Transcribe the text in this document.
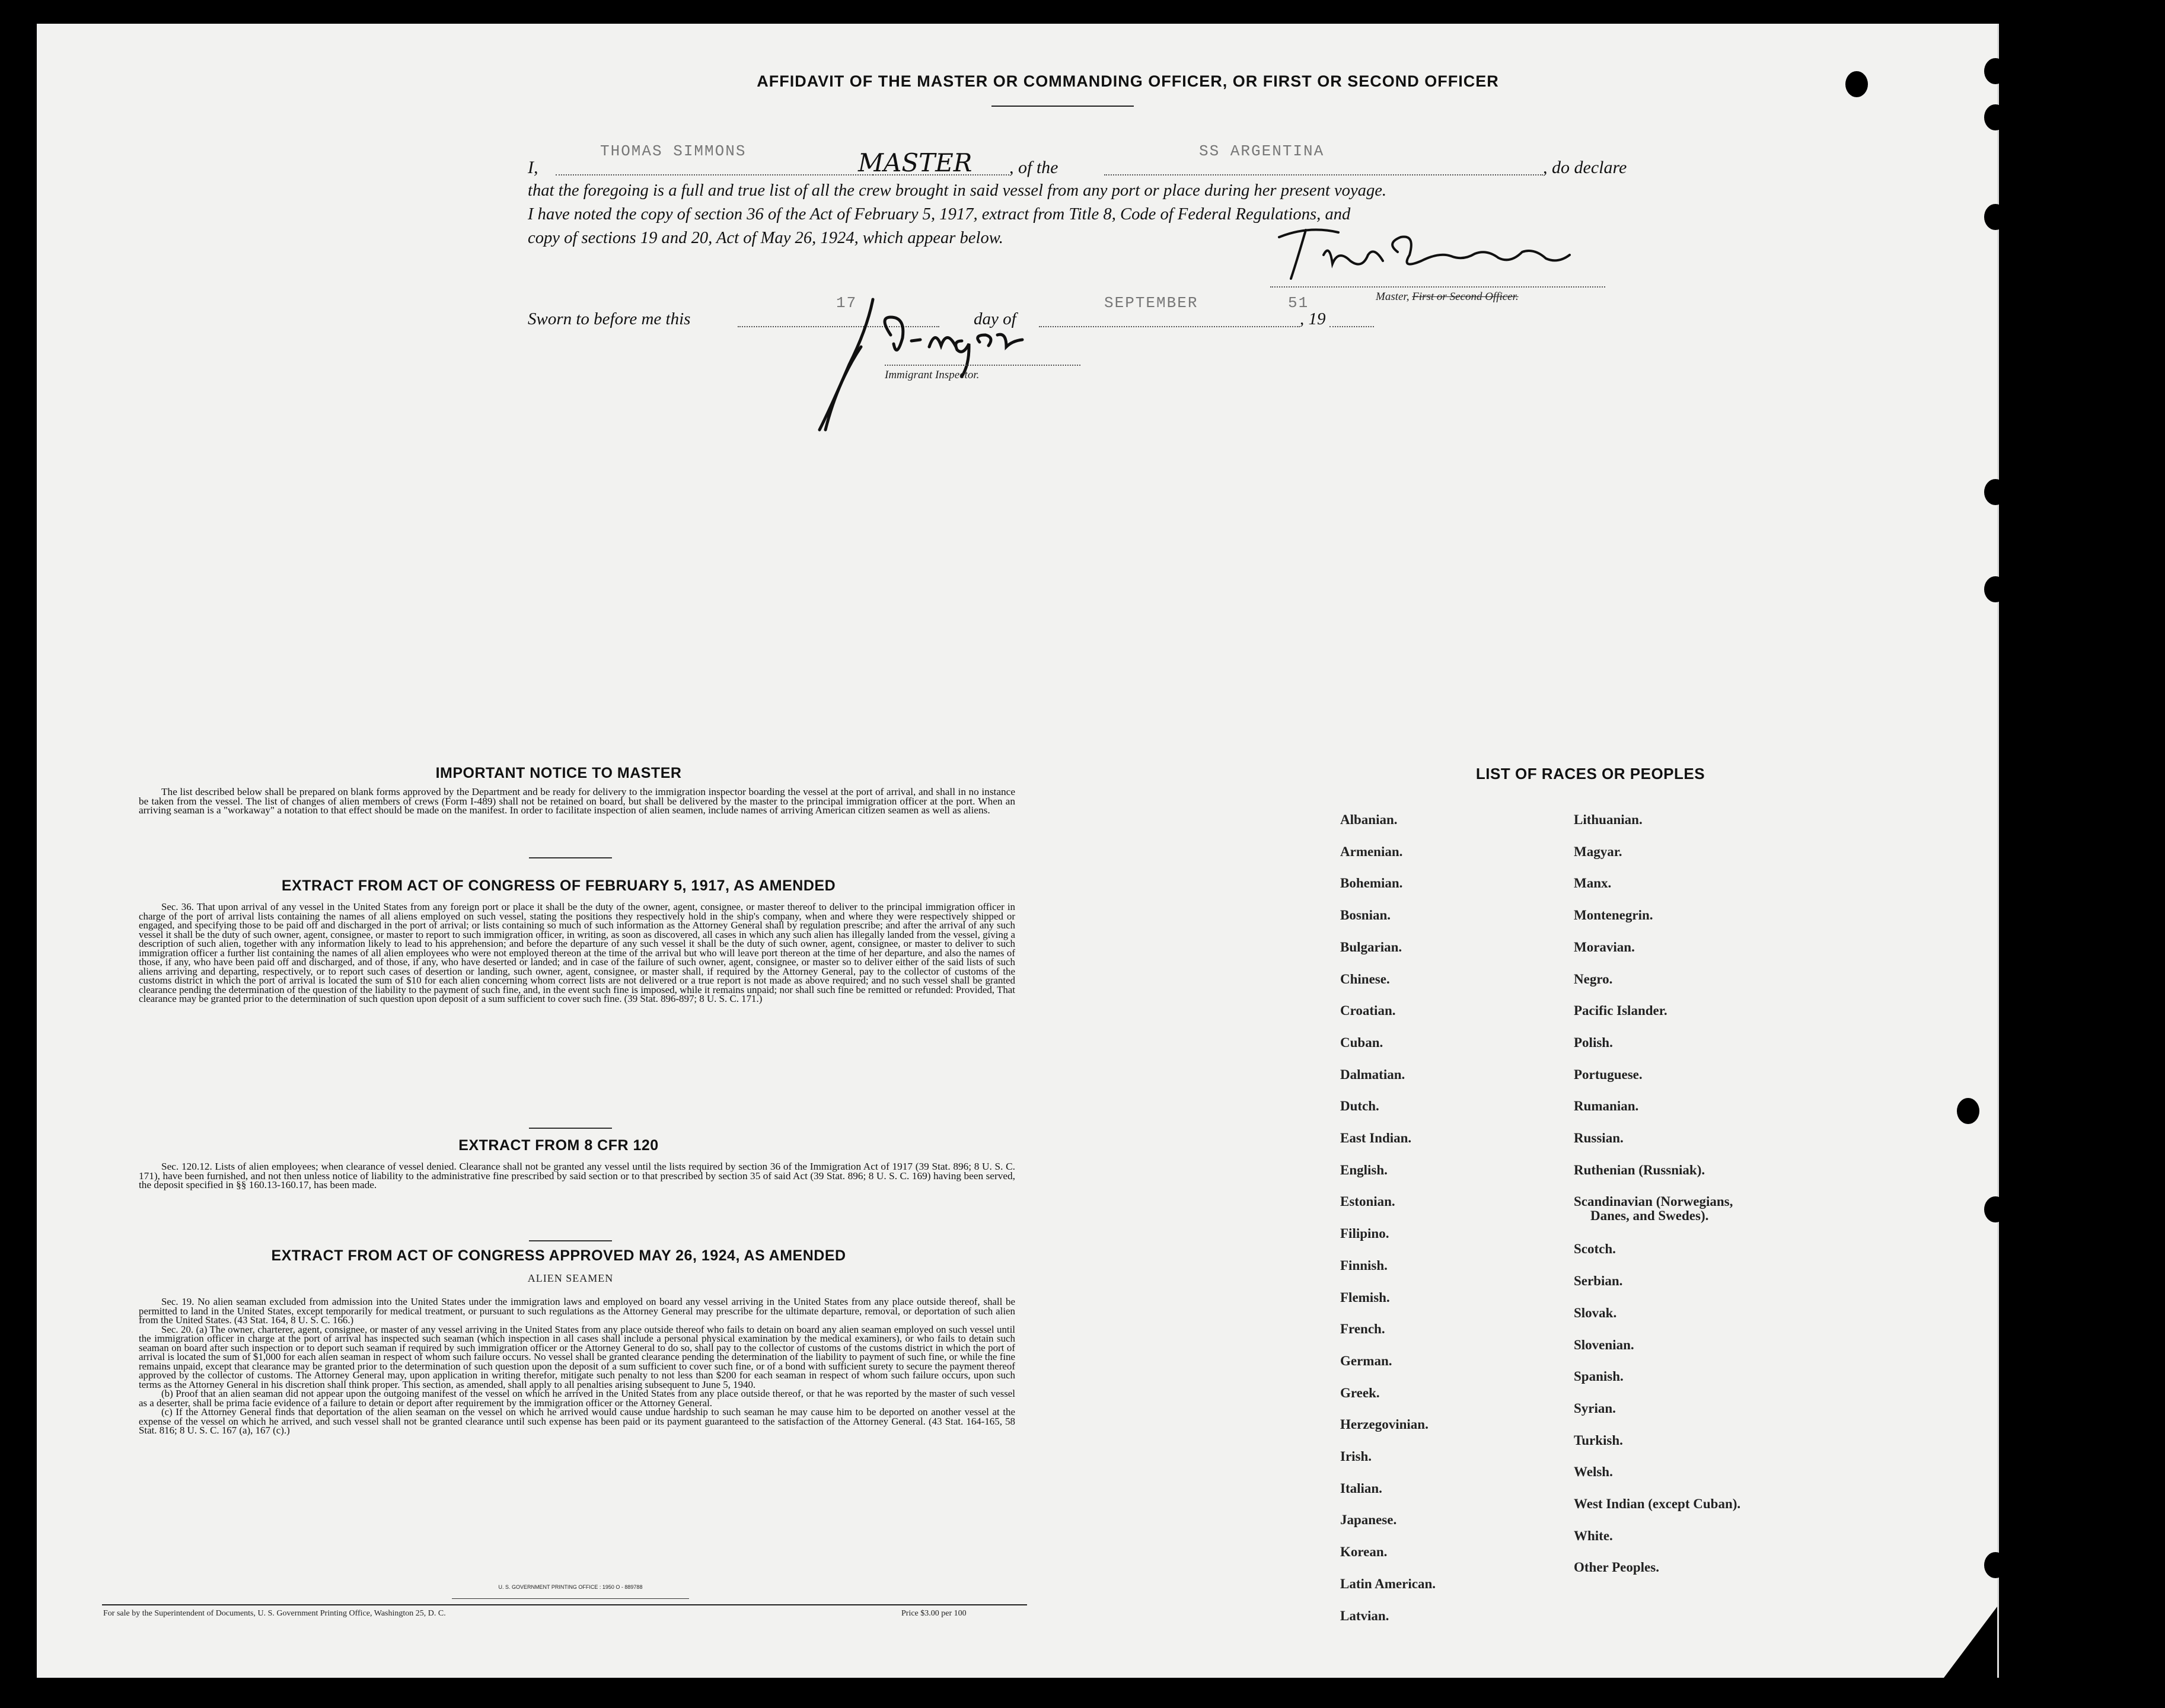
AFFIDAVIT OF THE MASTER OR COMMANDING OFFICER, OR FIRST OR SECOND OFFICER
I,
THOMAS SIMMONS	MASTER , of the
SS ARGENTINA
, do declare
that the foregoing is a full and true list of all the crew brought in said vessel from any port or place during her present voyage.
I have noted the copy of section 36 of the Act of February 5, 1917, extract from Title 8, Code of Federal Regulations, and
copy of sections 19 and 20, Act of May 26, 1924, which appear below.
Master, First or Second Officer.
Sworn to before me this
17
day of
SEPTEMBER
, 19
51
Immigrant Inspector.
IMPORTANT NOTICE TO MASTER

The list described below shall be prepared on blank forms approved by the Department and be ready for delivery to the immigration inspector boarding the vessel at the port of arrival, and shall in no instance be taken from the vessel. The list of changes of alien members of crews (Form I-489) shall not be retained on board, but shall be delivered by the master to the principal immigration officer at the port. When an arriving seaman is a "workaway" a notation to that effect should be made on the manifest. In order to facilitate inspection of alien seamen, include names of arriving American citizen seamen as well as aliens.

EXTRACT FROM ACT OF CONGRESS OF FEBRUARY 5, 1917, AS AMENDED

Sec. 36. That upon arrival of any vessel in the United States from any foreign port or place it shall be the duty of the owner, agent, consignee, or master thereof to deliver to the principal immigration officer in charge of the port of arrival lists containing the names of all aliens employed on such vessel, stating the positions they respectively hold in the ship's company, when and where they were respectively shipped or engaged, and specifying those to be paid off and discharged in the port of arrival; or lists containing so much of such information as the Attorney General shall by regulation prescribe; and after the arrival of any such vessel it shall be the duty of such owner, agent, consignee, or master to report to such immigration officer, in writing, as soon as discovered, all cases in which any such alien has illegally landed from the vessel, giving a description of such alien, together with any information likely to lead to his apprehension; and before the departure of any such vessel it shall be the duty of such owner, agent, consignee, or master to deliver to such immigration officer a further list containing the names of all alien employees who were not employed thereon at the time of the arrival but who will leave port thereon at the time of her departure, and also the names of those, if any, who have been paid off and discharged, and of those, if any, who have deserted or landed; and in case of the failure of such owner, agent, consignee, or master so to deliver either of the said lists of such aliens arriving and departing, respectively, or to report such cases of desertion or landing, such owner, agent, consignee, or master shall, if required by the Attorney General, pay to the collector of customs of the customs district in which the port of arrival is located the sum of $10 for each alien concerning whom correct lists are not delivered or a true report is not made as above required; and no such vessel shall be granted clearance pending the determination of the question of the liability to the payment of such fine, and, in the event such fine is imposed, while it remains unpaid; nor shall such fine be remitted or refunded: Provided, That clearance may be granted prior to the determination of such question upon deposit of a sum sufficient to cover such fine. (39 Stat. 896-897; 8 U. S. C. 171.)

EXTRACT FROM 8 CFR 120

Sec. 120.12. Lists of alien employees; when clearance of vessel denied. Clearance shall not be granted any vessel until the lists required by section 36 of the Immigration Act of 1917 (39 Stat. 896; 8 U. S. C. 171), have been furnished, and not then unless notice of liability to the administrative fine prescribed by said section or to that prescribed by section 35 of said Act (39 Stat. 896; 8 U. S. C. 169) having been served, the deposit specified in §§ 160.13-160.17, has been made.

EXTRACT FROM ACT OF CONGRESS APPROVED MAY 26, 1924, AS AMENDED
ALIEN SEAMEN

Sec. 19. No alien seaman excluded from admission into the United States under the immigration laws and employed on board any vessel arriving in the United States from any place outside thereof, shall be permitted to land in the United States, except temporarily for medical treatment, or pursuant to such regulations as the Attorney General may prescribe for the ultimate departure, removal, or deportation of such alien from the United States. (43 Stat. 164, 8 U. S. C. 166.)

Sec. 20. (a) The owner, charterer, agent, consignee, or master of any vessel arriving in the United States from any place outside thereof who fails to detain on board any alien seaman employed on such vessel until the immigration officer in charge at the port of arrival has inspected such seaman (which inspection in all cases shall include a personal physical examination by the medical examiners), or who fails to detain such seaman on board after such inspection or to deport such seaman if required by such immigration officer or the Attorney General to do so, shall pay to the collector of customs of the customs district in which the port of arrival is located the sum of $1,000 for each alien seaman in respect of whom such failure occurs. No vessel shall be granted clearance pending the determination of the liability to payment of such fine, or while the fine remains unpaid, except that clearance may be granted prior to the determination of such question upon the deposit of a sum sufficient to cover such fine, or of a bond with sufficient surety to secure the payment thereof approved by the collector of customs. The Attorney General may, upon application in writing therefor, mitigate such penalty to not less than $200 for each seaman in respect of whom such failure occurs, upon such terms as the Attorney General in his discretion shall think proper. This section, as amended, shall apply to all penalties arising subsequent to June 5, 1940.

(b) Proof that an alien seaman did not appear upon the outgoing manifest of the vessel on which he arrived in the United States from any place outside thereof, or that he was reported by the master of such vessel as a deserter, shall be prima facie evidence of a failure to detain or deport after requirement by the immigration officer or the Attorney General.

(c) If the Attorney General finds that deportation of the alien seaman on the vessel on which he arrived would cause undue hardship to such seaman he may cause him to be deported on another vessel at the expense of the vessel on which he arrived, and such vessel shall not be granted clearance until such expense has been paid or its payment guaranteed to the satisfaction of the Attorney General. (43 Stat. 164-165, 58 Stat. 816; 8 U. S. C. 167 (a), 167 (c).)

U. S. GOVERNMENT PRINTING OFFICE : 1950 O - 889788
For sale by the Superintendent of Documents, U. S. Government Printing Office, Washington 25, D. C.	Price $3.00 per 100
LIST OF RACES OR PEOPLES
Albanian.
Armenian.
Bohemian.
Bosnian.
Bulgarian.
Chinese.
Croatian.
Cuban.
Dalmatian.
Dutch.
East Indian.
English.
Estonian.
Filipino.
Finnish.
Flemish.
French.
German.
Greek.
Herzegovinian.
Irish.
Italian.
Japanese.
Korean.
Latin American.
Latvian.
Lithuanian.
Magyar.
Manx.
Montenegrin.
Moravian.
Negro.
Pacific Islander.
Polish.
Portuguese.
Rumanian.
Russian.
Ruthenian (Russniak).
Scandinavian (Norwegians,
Danes, and Swedes).
Scotch.
Serbian.
Slovak.
Slovenian.
Spanish.
Syrian.
Turkish.
Welsh.
West Indian (except Cuban).
White.
Other Peoples.
